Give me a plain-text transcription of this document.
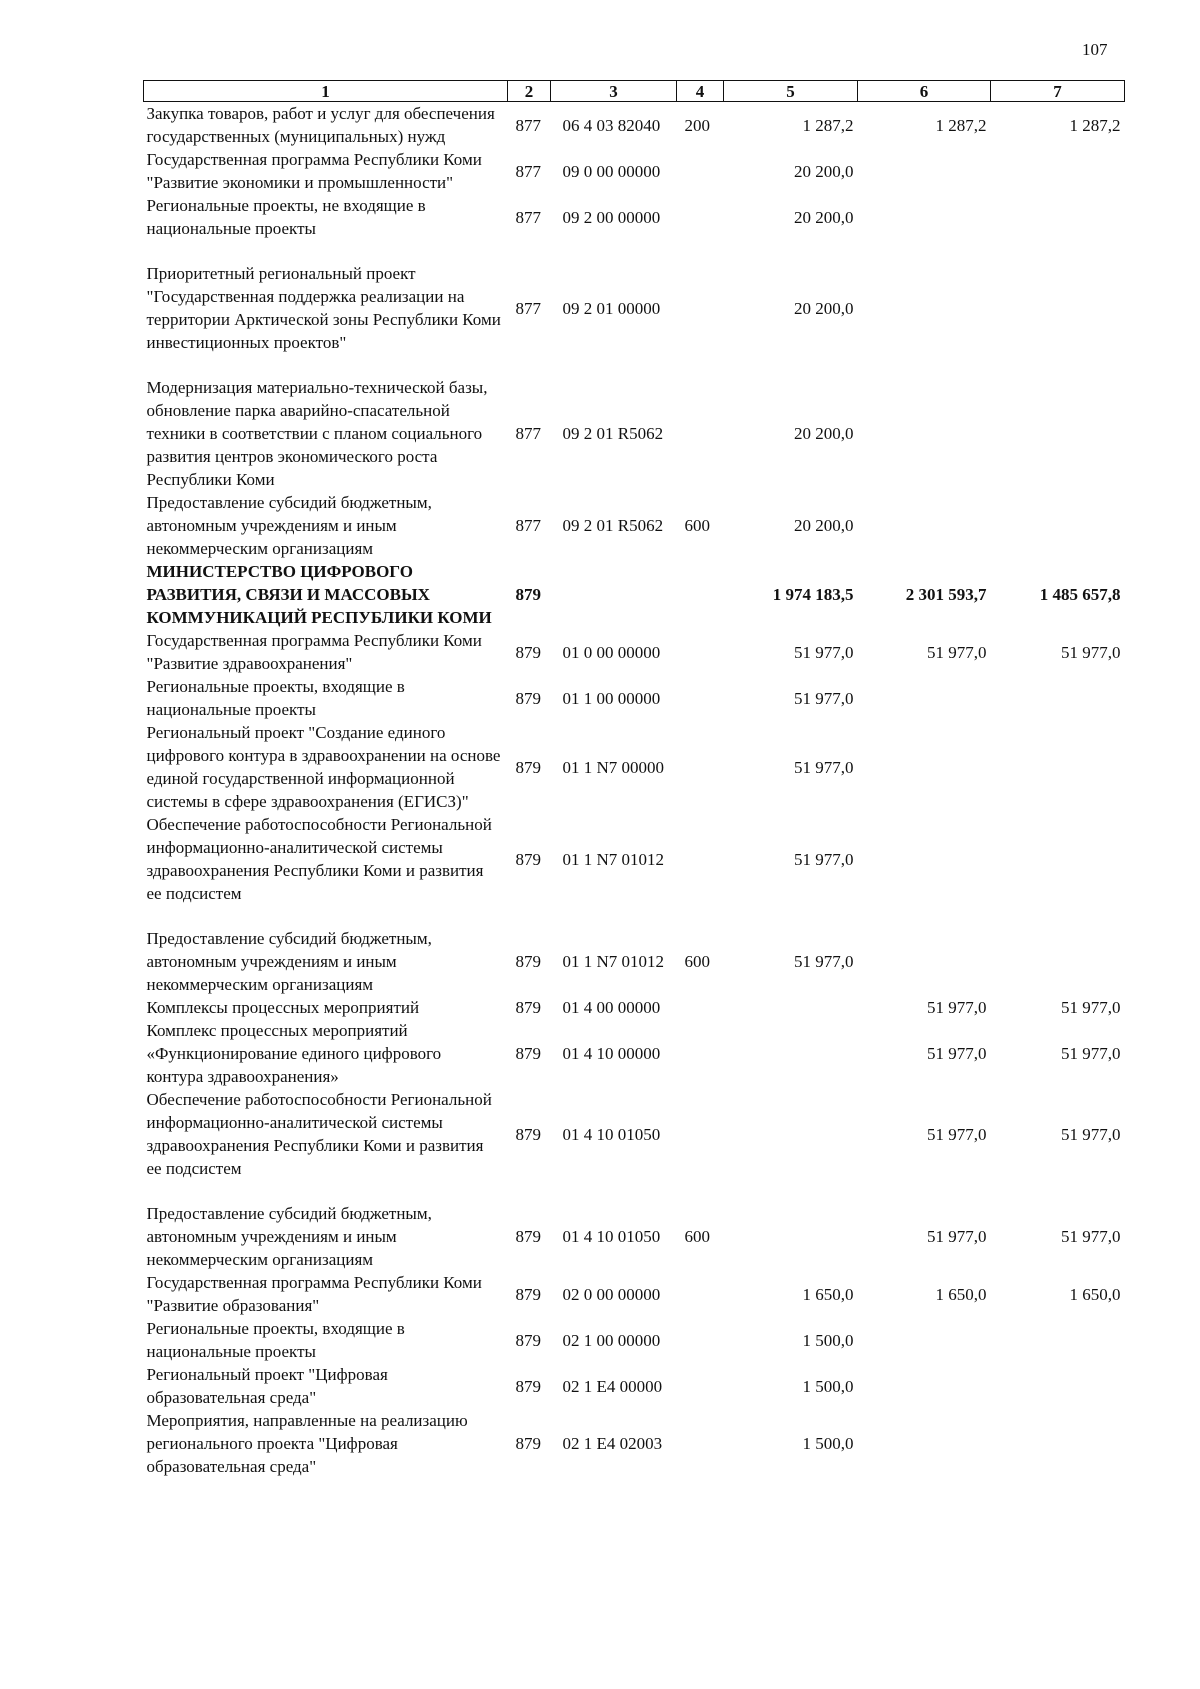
107
1	2	3	4	5	6	7
Закупка товаров, работ и услуг для обеспечения государственных (муниципальных) нужд	877	06 4 03 82040	200	1 287,2	1 287,2	1 287,2
Государственная программа Республики Коми "Развитие экономики и промышленности"	877	09 0 00 00000		20 200,0		
Региональные проекты, не входящие в национальные проекты	877	09 2 00 00000		20 200,0		
Приоритетный региональный проект "Государственная поддержка реализации на территории Арктической зоны Республики Коми инвестиционных проектов"	877	09 2 01 00000		20 200,0		
Модернизация материально-технической базы, обновление парка аварийно-спасательной техники в соответствии с планом социального развития центров экономического роста Республики Коми	877	09 2 01 R5062		20 200,0		
Предоставление субсидий бюджетным, автономным учреждениям и иным некоммерческим организациям	877	09 2 01 R5062	600	20 200,0		
МИНИСТЕРСТВО ЦИФРОВОГО РАЗВИТИЯ, СВЯЗИ И МАССОВЫХ КОММУНИКАЦИЙ РЕСПУБЛИКИ КОМИ	879			1 974 183,5	2 301 593,7	1 485 657,8
Государственная программа Республики Коми "Развитие здравоохранения"	879	01 0 00 00000		51 977,0	51 977,0	51 977,0
Региональные проекты, входящие в национальные проекты	879	01 1 00 00000		51 977,0		
Региональный проект "Создание единого цифрового контура в здравоохранении на основе единой государственной информационной системы в сфере здравоохранения (ЕГИСЗ)"	879	01 1 N7 00000		51 977,0		
Обеспечение работоспособности Региональной информационно-аналитической системы здравоохранения Республики Коми и развития ее подсистем	879	01 1 N7 01012		51 977,0		
Предоставление субсидий бюджетным, автономным учреждениям и иным некоммерческим организациям	879	01 1 N7 01012	600	51 977,0		
Комплексы процессных мероприятий	879	01 4 00 00000			51 977,0	51 977,0
Комплекс процессных мероприятий «Функционирование единого цифрового контура здравоохранения»	879	01 4 10 00000			51 977,0	51 977,0
Обеспечение работоспособности Региональной информационно-аналитической системы здравоохранения Республики Коми и развития ее подсистем	879	01 4 10 01050			51 977,0	51 977,0
Предоставление субсидий бюджетным, автономным учреждениям и иным некоммерческим организациям	879	01 4 10 01050	600		51 977,0	51 977,0
Государственная программа Республики Коми "Развитие образования"	879	02 0 00 00000		1 650,0	1 650,0	1 650,0
Региональные проекты, входящие в национальные проекты	879	02 1 00 00000		1 500,0		
Региональный проект "Цифровая образовательная среда"	879	02 1 E4 00000		1 500,0		
Мероприятия, направленные на реализацию регионального проекта "Цифровая образовательная среда"	879	02 1 E4 02003		1 500,0		
